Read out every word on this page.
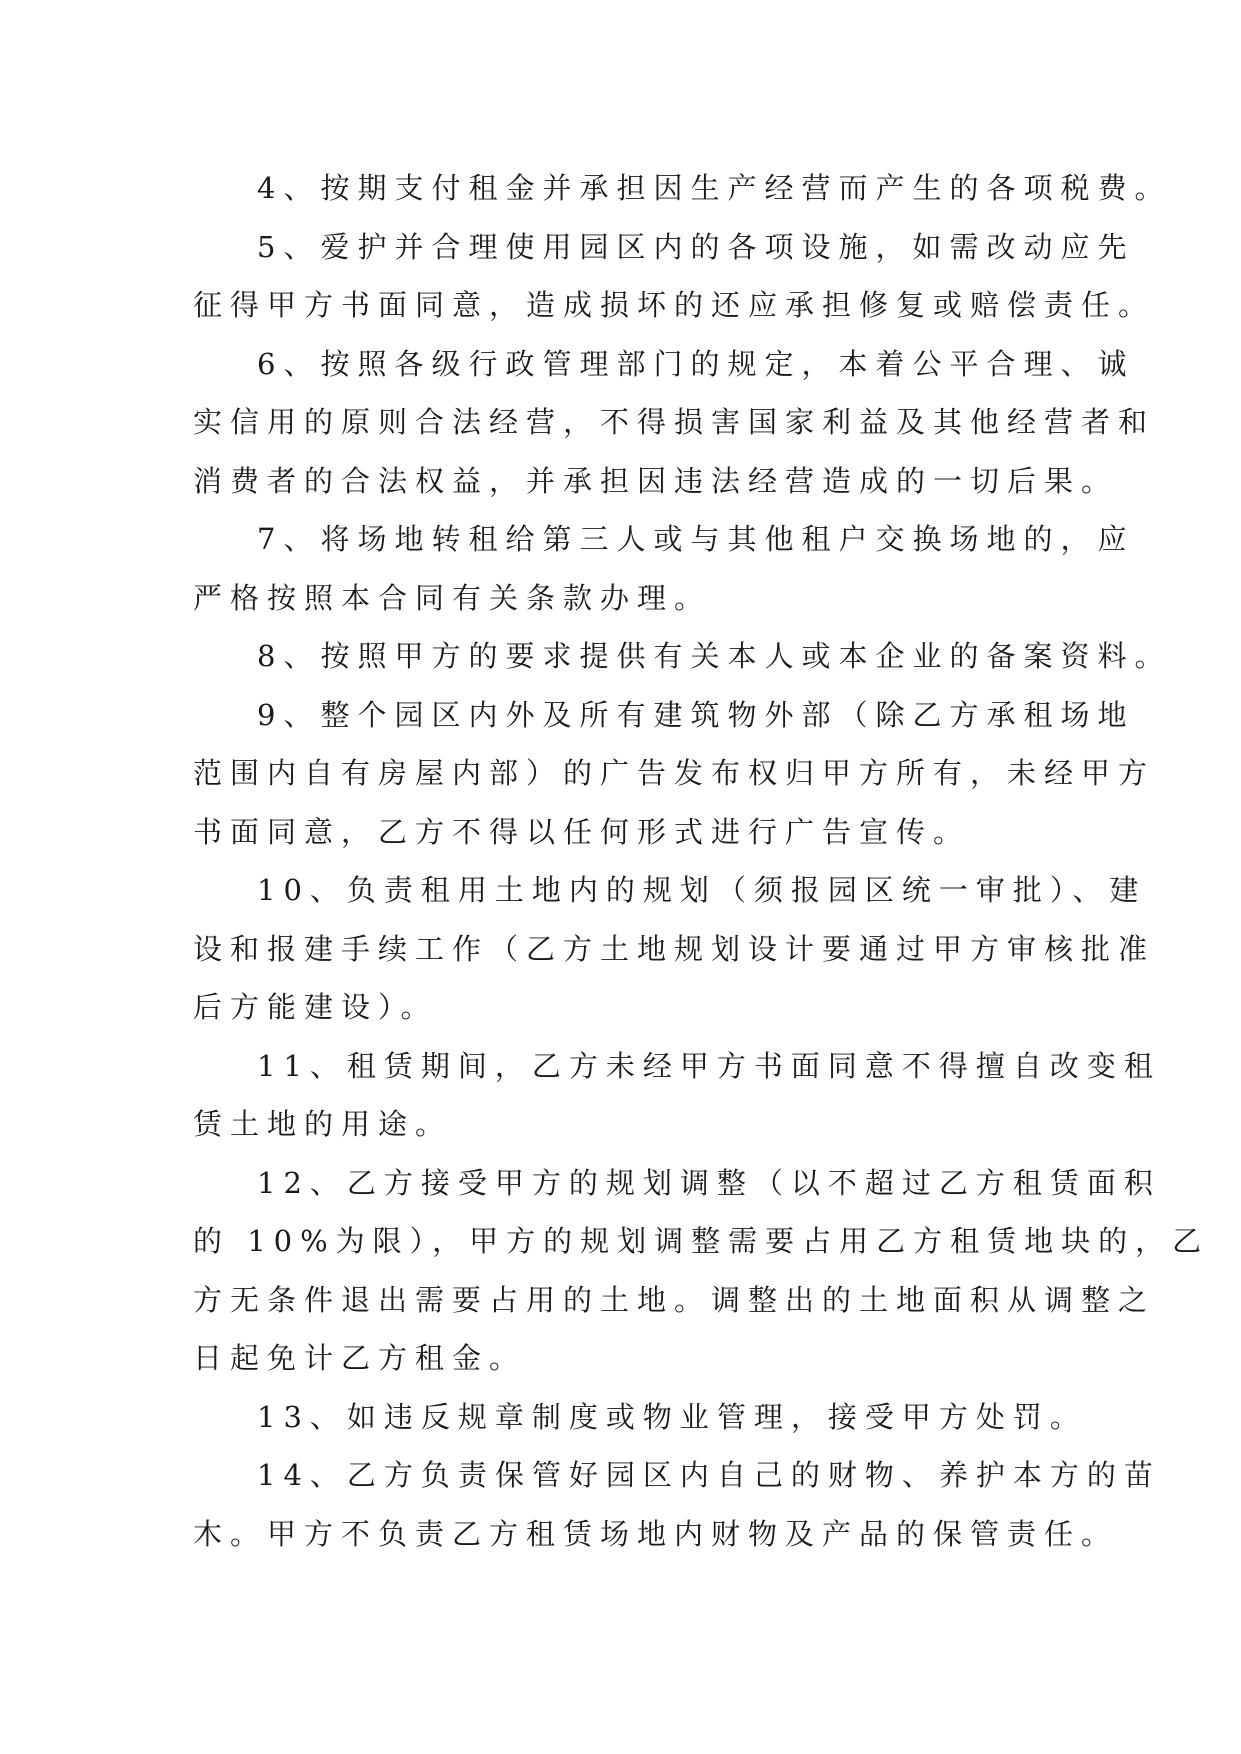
4、按期支付租金并承担因生产经营而产生的各项税费。
5、爱护并合理使用园区内的各项设施，如需改动应先
征得甲方书面同意，造成损坏的还应承担修复或赔偿责任。
6、按照各级行政管理部门的规定，本着公平合理、诚
实信用的原则合法经营，不得损害国家利益及其他经营者和
消费者的合法权益，并承担因违法经营造成的一切后果。
7、将场地转租给第三人或与其他租户交换场地的，应
严格按照本合同有关条款办理。
8、按照甲方的要求提供有关本人或本企业的备案资料。
9、整个园区内外及所有建筑物外部（除乙方承租场地
范围内自有房屋内部）的广告发布权归甲方所有，未经甲方
书面同意，乙方不得以任何形式进行广告宣传。
10、负责租用土地内的规划（须报园区统一审批）、建
设和报建手续工作（乙方土地规划设计要通过甲方审核批准
后方能建设）。
11、租赁期间，乙方未经甲方书面同意不得擅自改变租
赁土地的用途。
12、乙方接受甲方的规划调整（以不超过乙方租赁面积
的 10%为限），甲方的规划调整需要占用乙方租赁地块的，乙
方无条件退出需要占用的土地。调整出的土地面积从调整之
日起免计乙方租金。
13、如违反规章制度或物业管理，接受甲方处罚。
14、乙方负责保管好园区内自己的财物、养护本方的苗
木。甲方不负责乙方租赁场地内财物及产品的保管责任。
